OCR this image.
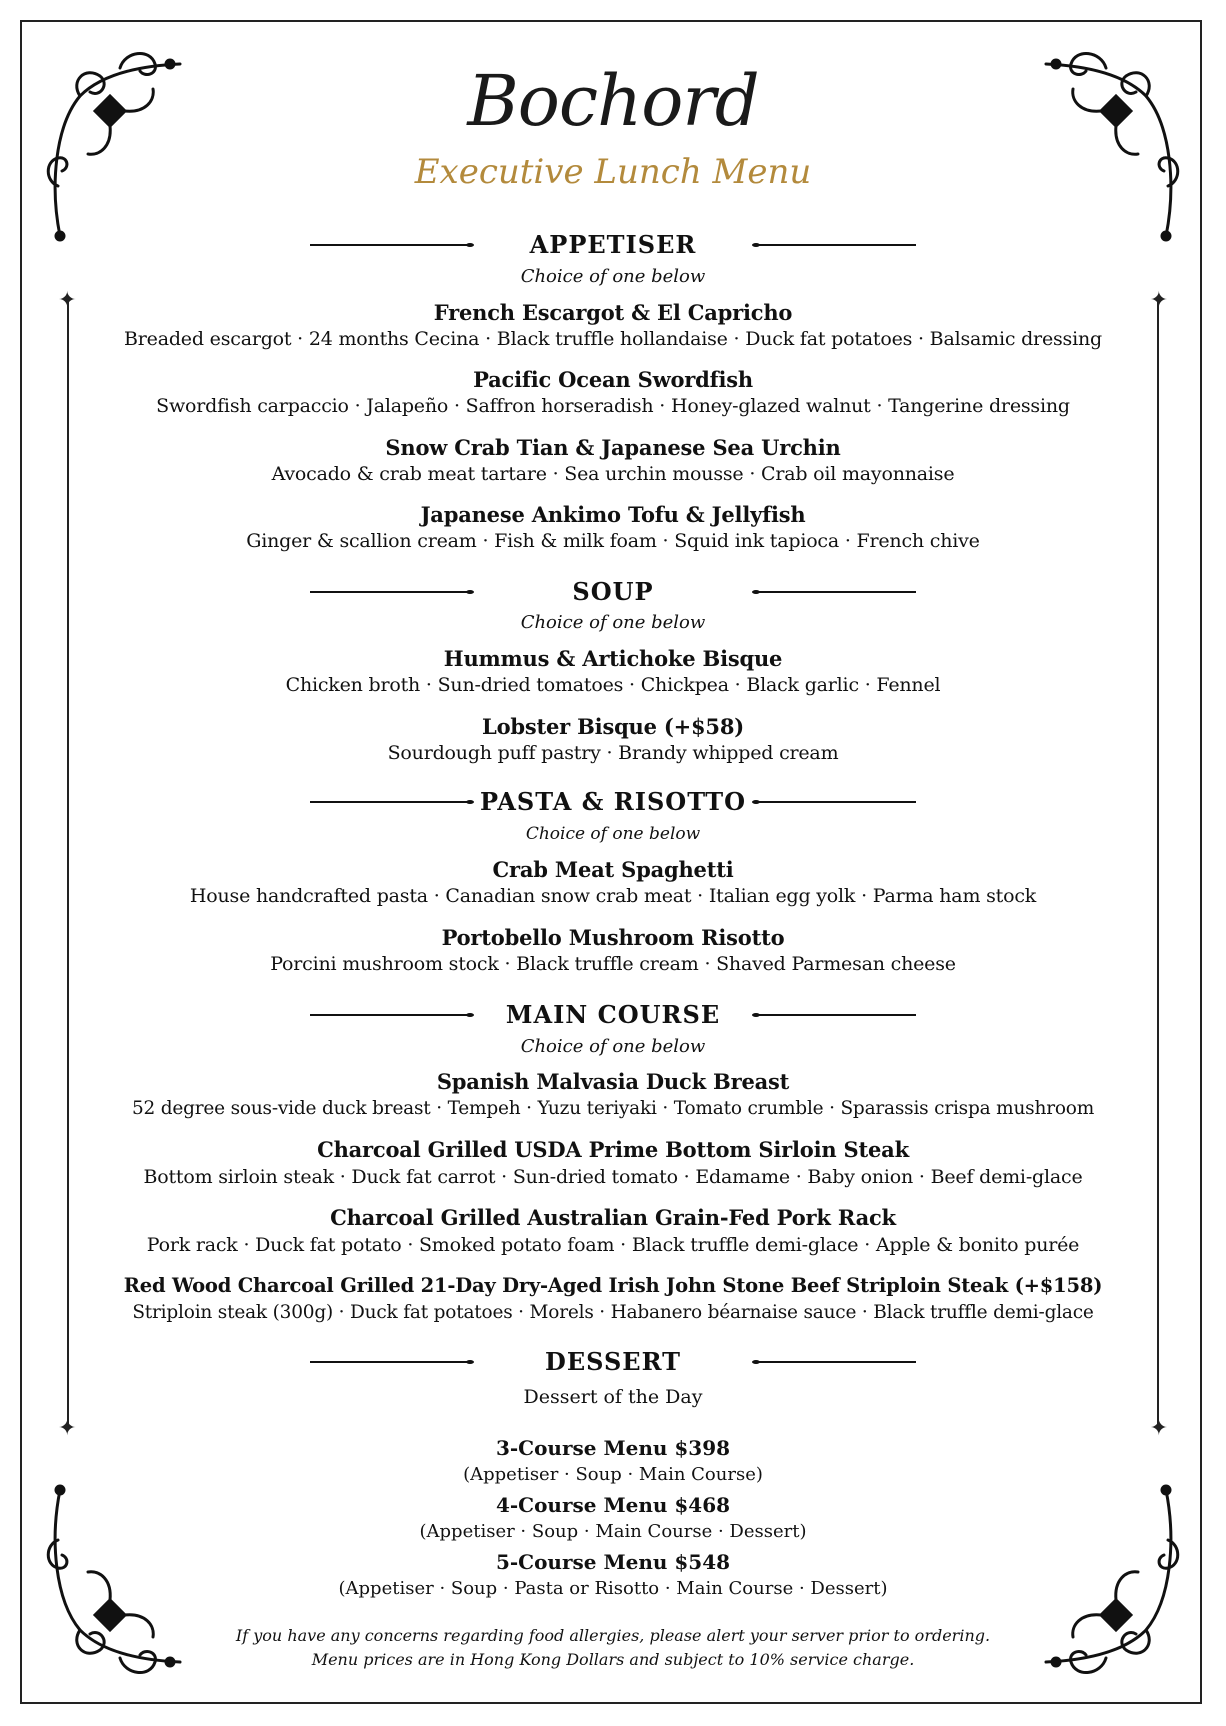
✦	✦
✦	✦
Bochord
Executive Lunch Menu
APPETISER
Choice of one below
French Escargot & El Capricho
Breaded escargot · 24 months Cecina · Black truffle hollandaise · Duck fat potatoes · Balsamic dressing
Pacific Ocean Swordfish
Swordfish carpaccio · Jalapeño · Saffron horseradish · Honey-glazed walnut · Tangerine dressing
Snow Crab Tian & Japanese Sea Urchin
Avocado & crab meat tartare · Sea urchin mousse · Crab oil mayonnaise
Japanese Ankimo Tofu & Jellyfish
Ginger & scallion cream · Fish & milk foam · Squid ink tapioca · French chive
SOUP
Choice of one below
Hummus & Artichoke Bisque
Chicken broth · Sun-dried tomatoes · Chickpea · Black garlic · Fennel
Lobster Bisque (+$58)
Sourdough puff pastry · Brandy whipped cream
PASTA & RISOTTO
Choice of one below
Crab Meat Spaghetti
House handcrafted pasta · Canadian snow crab meat · Italian egg yolk · Parma ham stock
Portobello Mushroom Risotto
Porcini mushroom stock · Black truffle cream · Shaved Parmesan cheese
MAIN COURSE
Choice of one below
Spanish Malvasia Duck Breast
52 degree sous-vide duck breast · Tempeh · Yuzu teriyaki · Tomato crumble · Sparassis crispa mushroom
Charcoal Grilled USDA Prime Bottom Sirloin Steak
Bottom sirloin steak · Duck fat carrot · Sun-dried tomato · Edamame · Baby onion · Beef demi-glace
Charcoal Grilled Australian Grain-Fed Pork Rack
Pork rack · Duck fat potato · Smoked potato foam · Black truffle demi-glace · Apple & bonito purée
Red Wood Charcoal Grilled 21-Day Dry-Aged Irish John Stone Beef Striploin Steak (+$158)
Striploin steak (300g) · Duck fat potatoes · Morels · Habanero béarnaise sauce · Black truffle demi-glace
DESSERT
Dessert of the Day
3-Course Menu $398
(Appetiser · Soup · Main Course)
4-Course Menu $468
(Appetiser · Soup · Main Course · Dessert)
5-Course Menu $548
(Appetiser · Soup · Pasta or Risotto · Main Course · Dessert)
If you have any concerns regarding food allergies, please alert your server prior to ordering.
Menu prices are in Hong Kong Dollars and subject to 10% service charge.
